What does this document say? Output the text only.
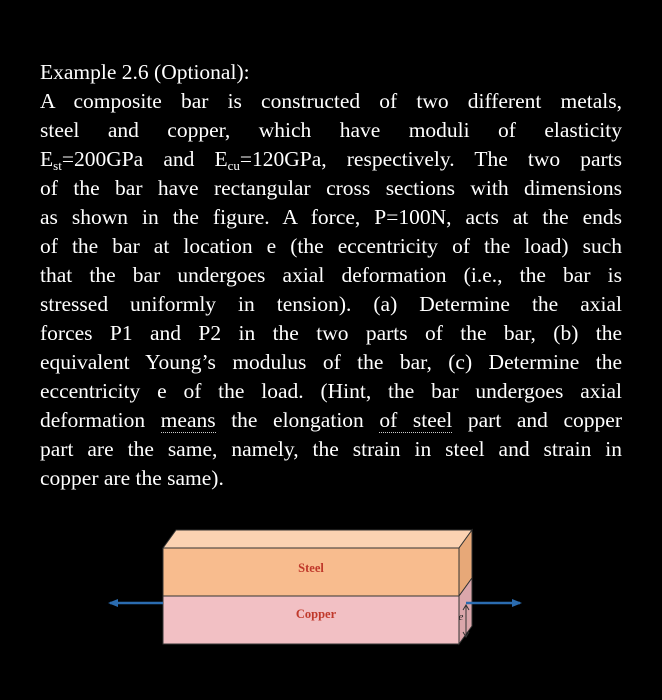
Example 2.6 (Optional):
A composite bar is constructed of two different metals,
steel and copper, which have moduli of elasticity
$E_{st}=200GPa$ and $E_{cu}=120GPa$, respectively. The two parts
of the bar have rectangular cross sections with dimensions
as shown in the figure. A force, P=100N, acts at the ends
of the bar at location e (the eccentricity of the load) such
that the bar undergoes axial deformation (i.e., the bar is
stressed uniformly in tension). (a) Determine the axial
forces P1 and P2 in the two parts of the bar, (b) the
equivalent Young’s modulus of the bar, (c) Determine the
eccentricity e of the load. (Hint, the bar undergoes axial
deformation means the elongation of steel part and copper
part are the same, namely, the strain in steel and strain in
copper are the same).
Steel
Copper	e
